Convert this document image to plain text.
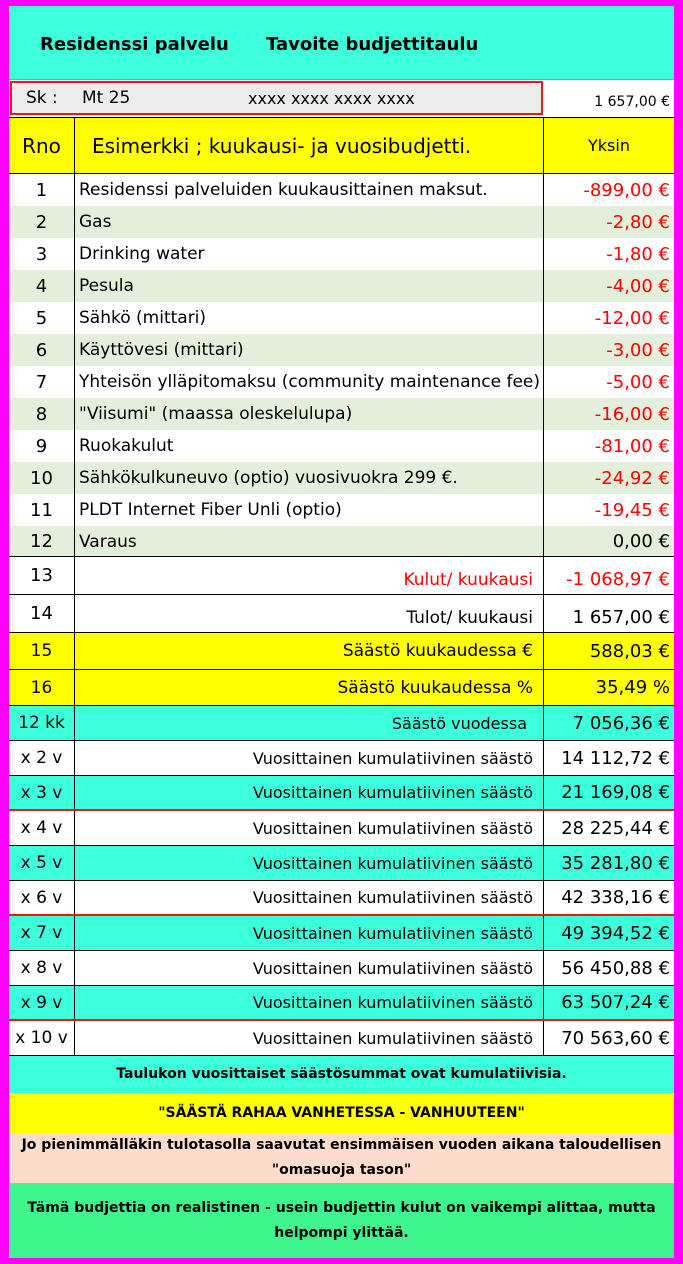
Residenssi palvelu Tavoite budjettitaulu
Sk : Mt 25	xxxx xxxx xxxx xxxx	1 657,00 €
Rno	Esimerkki ; kuukausi- ja vuosibudjetti.	Yksin
1	Residenssi palveluiden kuukausittainen maksut.	-899,00 €
2	Gas	-2,80 €
3	Drinking water	-1,80 €
4	Pesula	-4,00 €
5	Sähkö (mittari)	-12,00 €
6	Käyttövesi (mittari)	-3,00 €
7	Yhteisön ylläpitomaksu (community maintenance fee)	-5,00 €
8	"Viisumi" (maassa oleskelulupa)	-16,00 €
9	Ruokakulut	-81,00 €
10	Sähkökulkuneuvo (optio) vuosivuokra 299 €.	-24,92 €
11	PLDT Internet Fiber Unli (optio)	-19,45 €
12	Varaus	0,00 €
13	Kulut/ kuukausi	-1 068,97 €
14	Tulot/ kuukausi	1 657,00 €
15	Säästö kuukaudessa €	588,03 €
16	Säästö kuukaudessa %	35,49 %
12 kk	Säästö vuodessa	7 056,36 €
x 2 v	Vuosittainen kumulatiivinen säästö	14 112,72 €
x 3 v	Vuosittainen kumulatiivinen säästö	21 169,08 €
x 4 v	Vuosittainen kumulatiivinen säästö	28 225,44 €
x 5 v	Vuosittainen kumulatiivinen säästö	35 281,80 €
x 6 v	Vuosittainen kumulatiivinen säästö	42 338,16 €
x 7 v	Vuosittainen kumulatiivinen säästö	49 394,52 €
x 8 v	Vuosittainen kumulatiivinen säästö	56 450,88 €
x 9 v	Vuosittainen kumulatiivinen säästö	63 507,24 €
x 10 v	Vuosittainen kumulatiivinen säästö	70 563,60 €
Taulukon vuosittaiset säästösummat ovat kumulatiivisia.
"SÄÄSTÄ RAHAA VANHETESSA - VANHUUTEEN"
Jo pienimmälläkin tulotasolla saavutat ensimmäisen vuoden aikana taloudellisen "omasuoja tason"
Tämä budjettia on realistinen - usein budjettin kulut on vaikempi alittaa, mutta helpompi ylittää.
